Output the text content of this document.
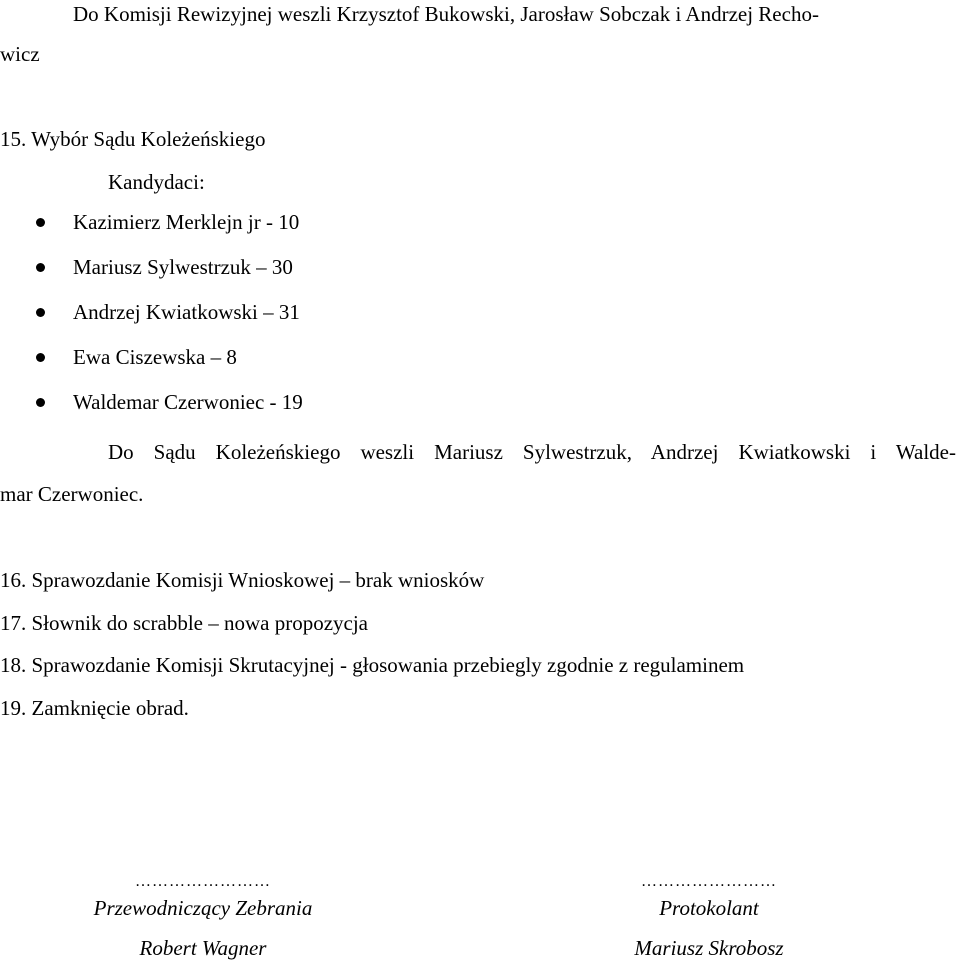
Do Komisji Rewizyjnej weszli Krzysztof Bukowski, Jarosław Sobczak i Andrzej Recho-
wicz
15. Wybór Sądu Koleżeńskiego
Kandydaci:
Kazimierz Merklejn jr - 10
Mariusz Sylwestrzuk – 30
Andrzej Kwiatkowski – 31
Ewa Ciszewska – 8
Waldemar Czerwoniec - 19
Do Sądu Koleżeńskiego weszli Mariusz Sylwestrzuk, Andrzej Kwiatkowski i Walde-
mar Czerwoniec.
16. Sprawozdanie Komisji Wnioskowej – brak wniosków
17. Słownik do scrabble – nowa propozycja
18. Sprawozdanie Komisji Skrutacyjnej - głosowania przebiegly zgodnie z regulaminem
19. Zamknięcie obrad.
……………………
Przewodniczący Zebrania
Robert Wagner
……………………
Protokolant
Mariusz Skrobosz
